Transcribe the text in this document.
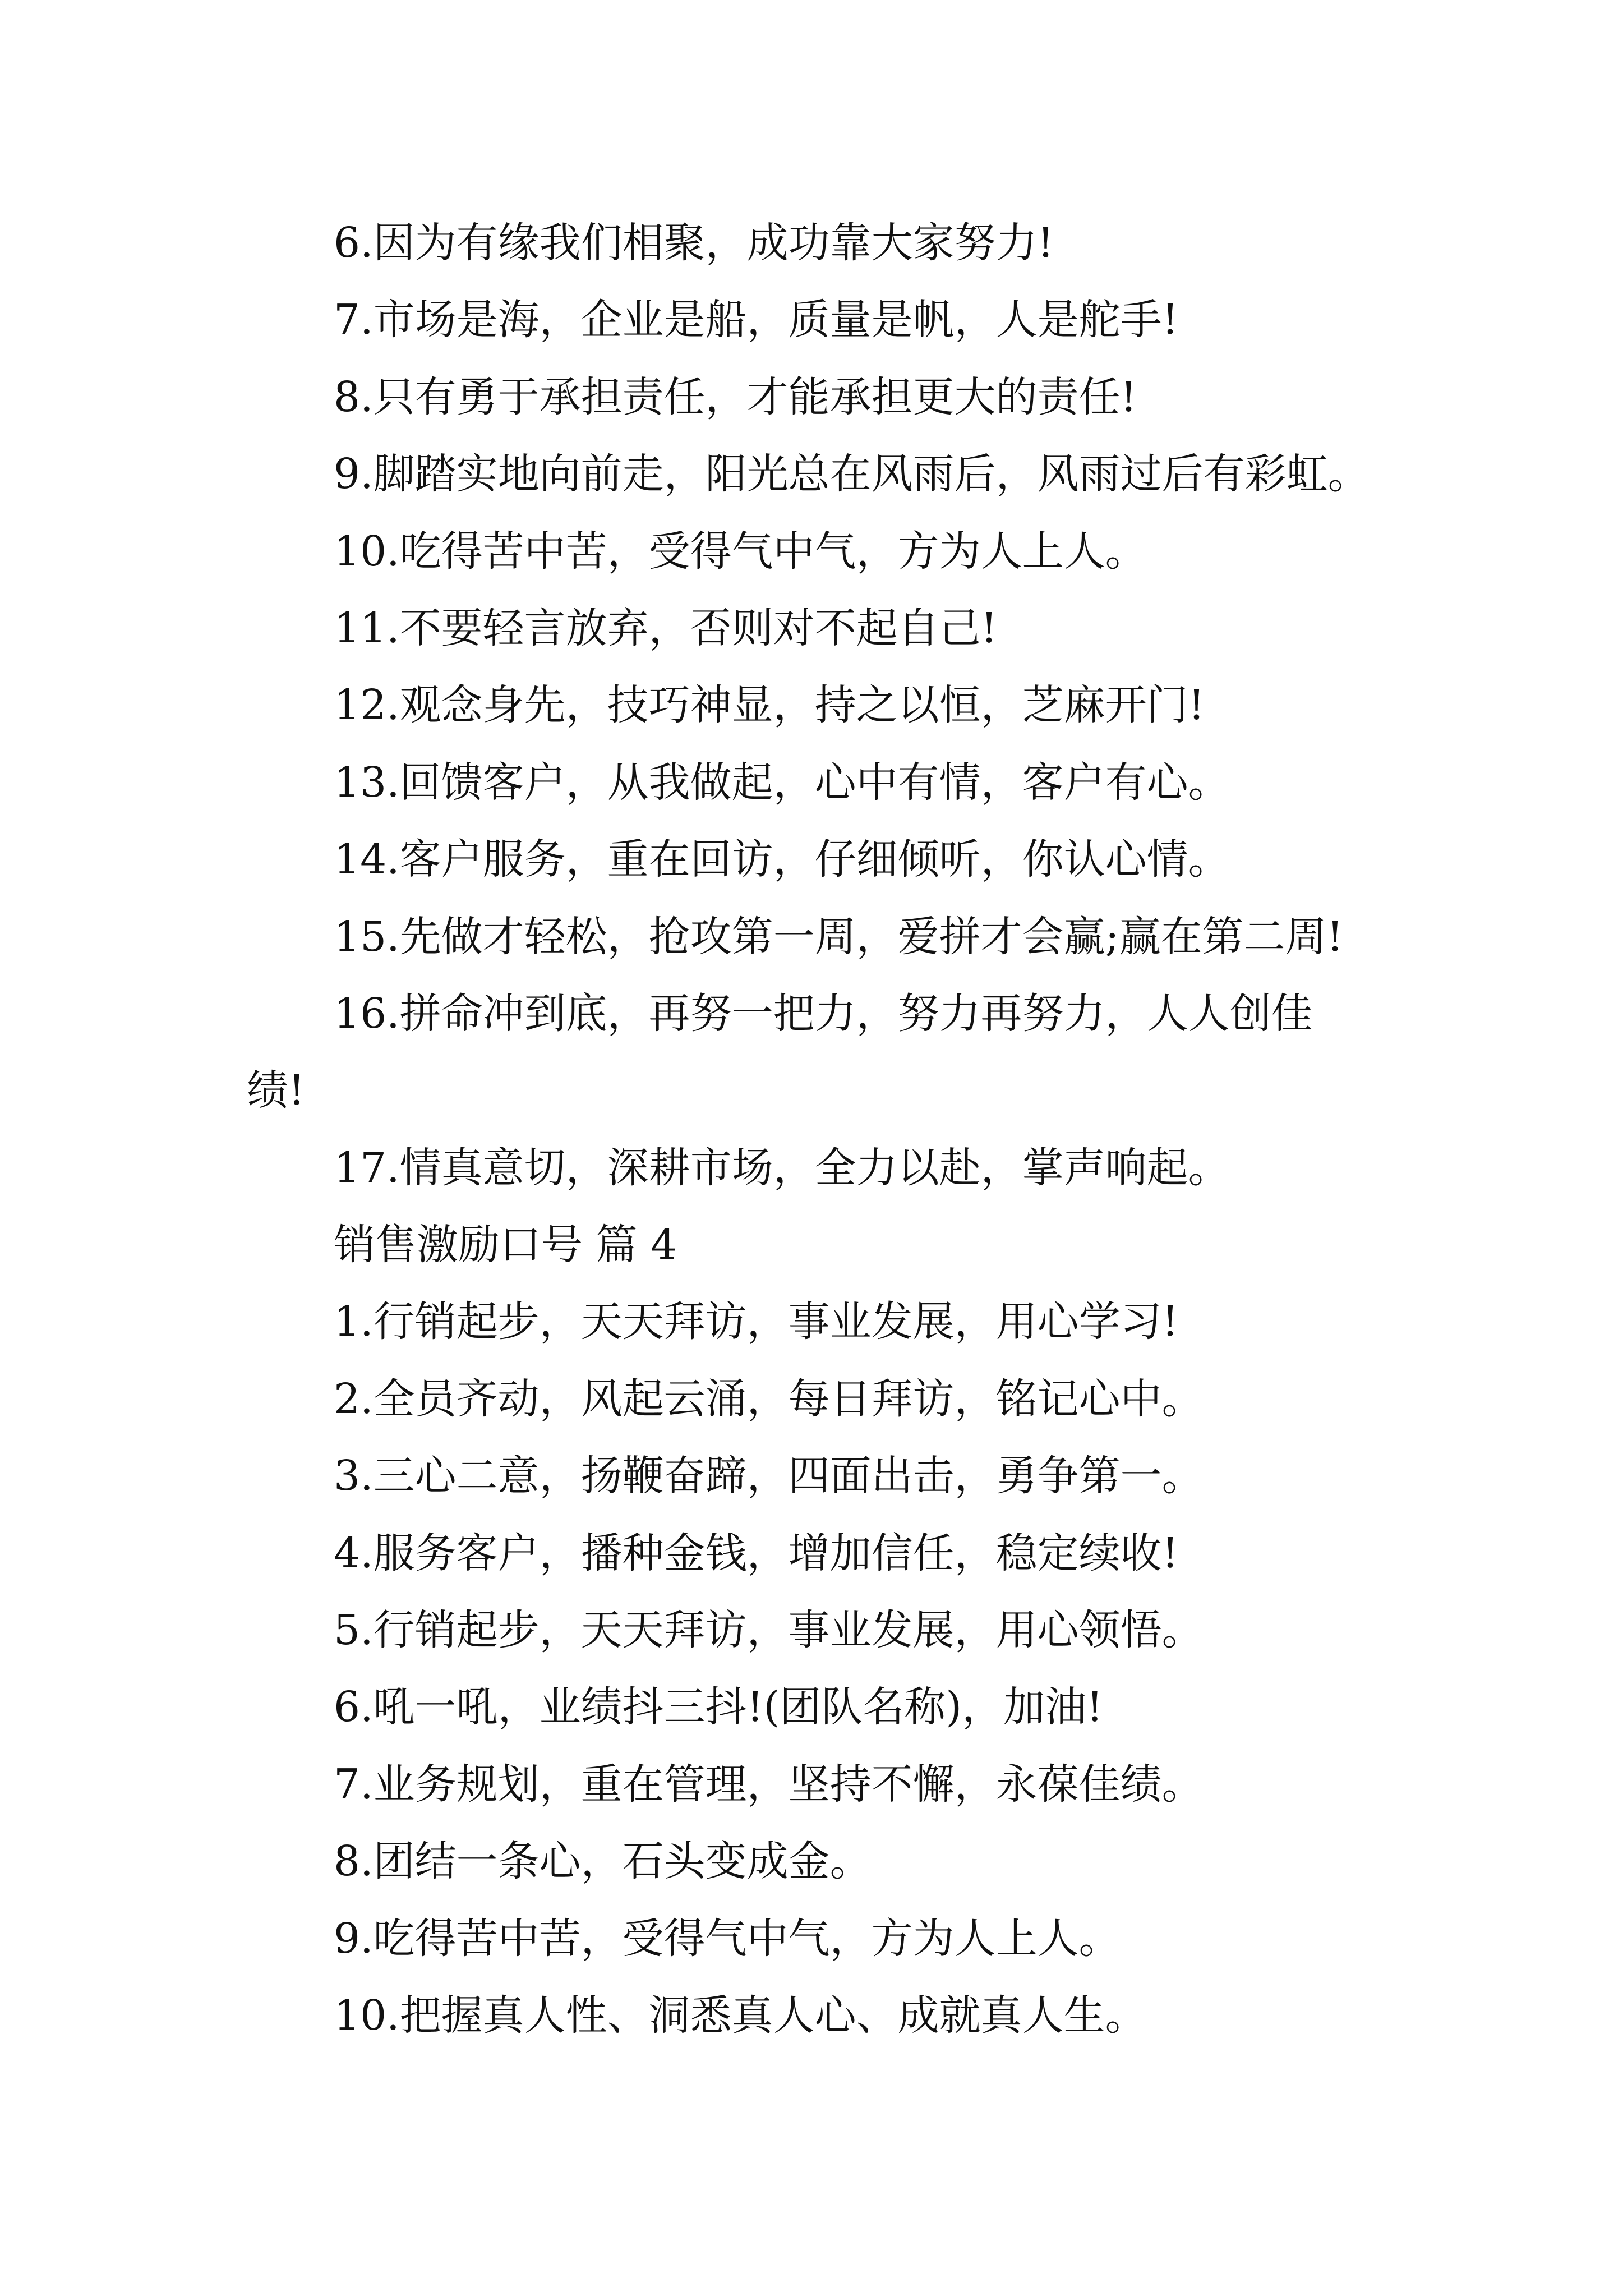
6.因为有缘我们相聚，成功靠大家努力!
7.市场是海，企业是船，质量是帆，人是舵手!
8.只有勇于承担责任，才能承担更大的责任!
9.脚踏实地向前走，阳光总在风雨后，风雨过后有彩虹。
10.吃得苦中苦，受得气中气，方为人上人。
11.不要轻言放弃，否则对不起自己!
12.观念身先，技巧神显，持之以恒，芝麻开门!
13.回馈客户，从我做起，心中有情，客户有心。
14.客户服务，重在回访，仔细倾听，你认心情。
15.先做才轻松，抢攻第一周，爱拼才会赢;赢在第二周!
16.拼命冲到底，再努一把力，努力再努力，人人创佳
绩!
17.情真意切，深耕市场，全力以赴，掌声响起。
销售激励口号 篇 4
1.行销起步，天天拜访，事业发展，用心学习!
2.全员齐动，风起云涌，每日拜访，铭记心中。
3.三心二意，扬鞭奋蹄，四面出击，勇争第一。
4.服务客户，播种金钱，增加信任，稳定续收!
5.行销起步，天天拜访，事业发展，用心领悟。
6.吼一吼，业绩抖三抖!(团队名称)，加油!
7.业务规划，重在管理，坚持不懈，永葆佳绩。
8.团结一条心，石头变成金。
9.吃得苦中苦，受得气中气，方为人上人。
10.把握真人性、洞悉真人心、成就真人生。
